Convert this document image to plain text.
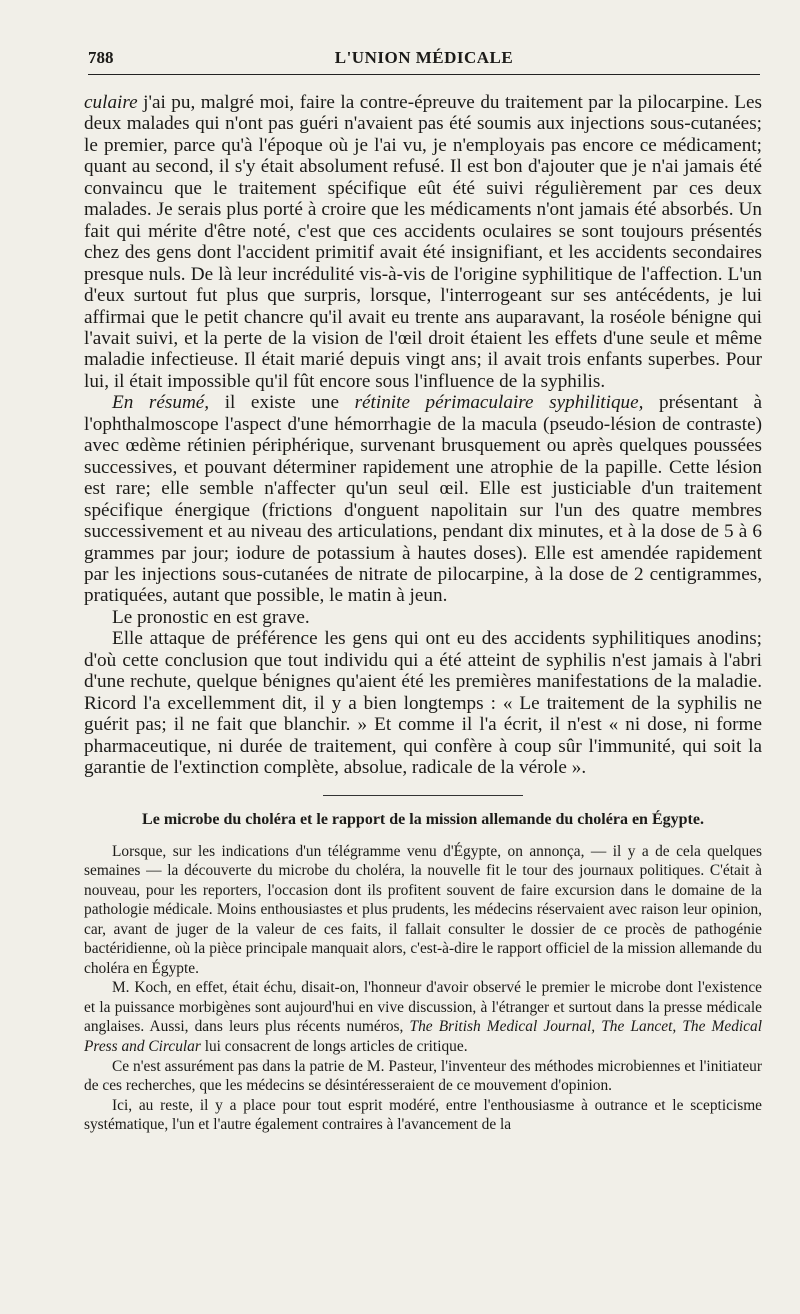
788	L'UNION MÉDICALE

culaire j'ai pu, malgré moi, faire la contre-épreuve du traitement par la pilocarpine. Les deux malades qui n'ont pas guéri n'avaient pas été soumis aux injections sous-cutanées; le premier, parce qu'à l'époque où je l'ai vu, je n'employais pas encore ce médicament; quant au second, il s'y était absolument refusé. Il est bon d'ajouter que je n'ai jamais été convaincu que le traitement spécifique eût été suivi régulièrement par ces deux malades. Je serais plus porté à croire que les médicaments n'ont jamais été absorbés. Un fait qui mérite d'être noté, c'est que ces accidents oculaires se sont toujours présentés chez des gens dont l'accident primitif avait été insignifiant, et les accidents secondaires presque nuls. De là leur incrédulité vis-à-vis de l'origine syphilitique de l'affection. L'un d'eux surtout fut plus que surpris, lorsque, l'interrogeant sur ses antécédents, je lui affirmai que le petit chancre qu'il avait eu trente ans auparavant, la roséole bénigne qui l'avait suivi, et la perte de la vision de l'œil droit étaient les effets d'une seule et même maladie infectieuse. Il était marié depuis vingt ans; il avait trois enfants superbes. Pour lui, il était impossible qu'il fût encore sous l'influence de la syphilis.

En résumé, il existe une rétinite périmaculaire syphilitique, présentant à l'ophthalmoscope l'aspect d'une hémorrhagie de la macula (pseudo-lésion de contraste) avec œdème rétinien périphérique, survenant brusquement ou après quelques poussées successives, et pouvant déterminer rapidement une atrophie de la papille. Cette lésion est rare; elle semble n'affecter qu'un seul œil. Elle est justiciable d'un traitement spécifique énergique (frictions d'onguent napolitain sur l'un des quatre membres successivement et au niveau des articulations, pendant dix minutes, et à la dose de 5 à 6 grammes par jour; iodure de potassium à hautes doses). Elle est amendée rapidement par les injections sous-cutanées de nitrate de pilocarpine, à la dose de 2 centigrammes, pratiquées, autant que possible, le matin à jeun.

Le pronostic en est grave.

Elle attaque de préférence les gens qui ont eu des accidents syphilitiques anodins; d'où cette conclusion que tout individu qui a été atteint de syphilis n'est jamais à l'abri d'une rechute, quelque bénignes qu'aient été les premières manifestations de la maladie. Ricord l'a excellemment dit, il y a bien longtemps : « Le traitement de la syphilis ne guérit pas; il ne fait que blanchir. » Et comme il l'a écrit, il n'est « ni dose, ni forme pharmaceutique, ni durée de traitement, qui confère à coup sûr l'immunité, qui soit la garantie de l'extinction complète, absolue, radicale de la vérole ».

Le microbe du choléra et le rapport de la mission allemande du choléra en Égypte.

Lorsque, sur les indications d'un télégramme venu d'Égypte, on annonça, — il y a de cela quelques semaines — la découverte du microbe du choléra, la nouvelle fit le tour des journaux politiques. C'était à nouveau, pour les reporters, l'occasion dont ils profitent souvent de faire excursion dans le domaine de la pathologie médicale. Moins enthousiastes et plus prudents, les médecins réservaient avec raison leur opinion, car, avant de juger de la valeur de ces faits, il fallait consulter le dossier de ce procès de pathogénie bactéridienne, où la pièce principale manquait alors, c'est-à-dire le rapport officiel de la mission allemande du choléra en Égypte.

M. Koch, en effet, était échu, disait-on, l'honneur d'avoir observé le premier le microbe dont l'existence et la puissance morbigènes sont aujourd'hui en vive discussion, à l'étranger et surtout dans la presse médicale anglaises. Aussi, dans leurs plus récents numéros, The British Medical Journal, The Lancet, The Medical Press and Circular lui consacrent de longs articles de critique.

Ce n'est assurément pas dans la patrie de M. Pasteur, l'inventeur des méthodes microbiennes et l'initiateur de ces recherches, que les médecins se désintéresseraient de ce mouvement d'opinion.

Ici, au reste, il y a place pour tout esprit modéré, entre l'enthousiasme à outrance et le scepticisme systématique, l'un et l'autre également contraires à l'avancement de la
